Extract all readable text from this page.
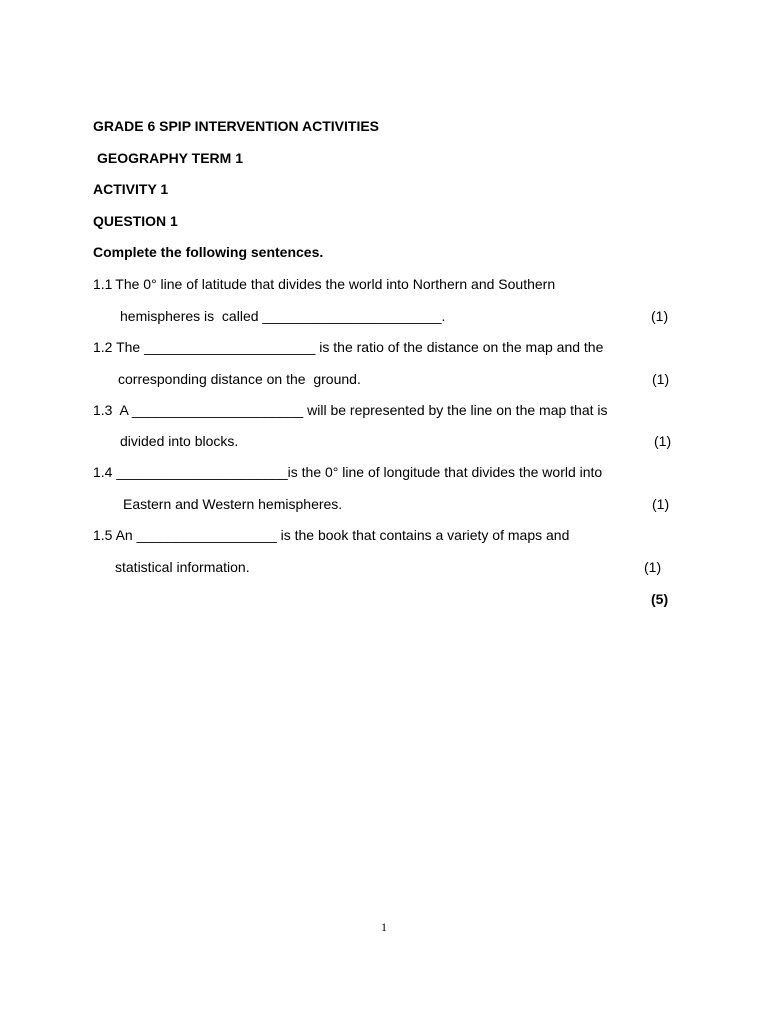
GRADE 6 SPIP INTERVENTION ACTIVITIES
GEOGRAPHY TERM 1
ACTIVITY 1
QUESTION 1
Complete the following sentences.
1.1 The 0° line of latitude that divides the world into Northern and Southern
hemispheres is  called _______________________.	(1)
1.2 The ______________________ is the ratio of the distance on the map and the
corresponding distance on the  ground.	(1)
1.3  A ______________________ will be represented by the line on the map that is
divided into blocks.	(1)
1.4 ______________________is the 0° line of longitude that divides the world into
Eastern and Western hemispheres.	(1)
1.5 An __________________ is the book that contains a variety of maps and
statistical information.	(1)
(5)
1
